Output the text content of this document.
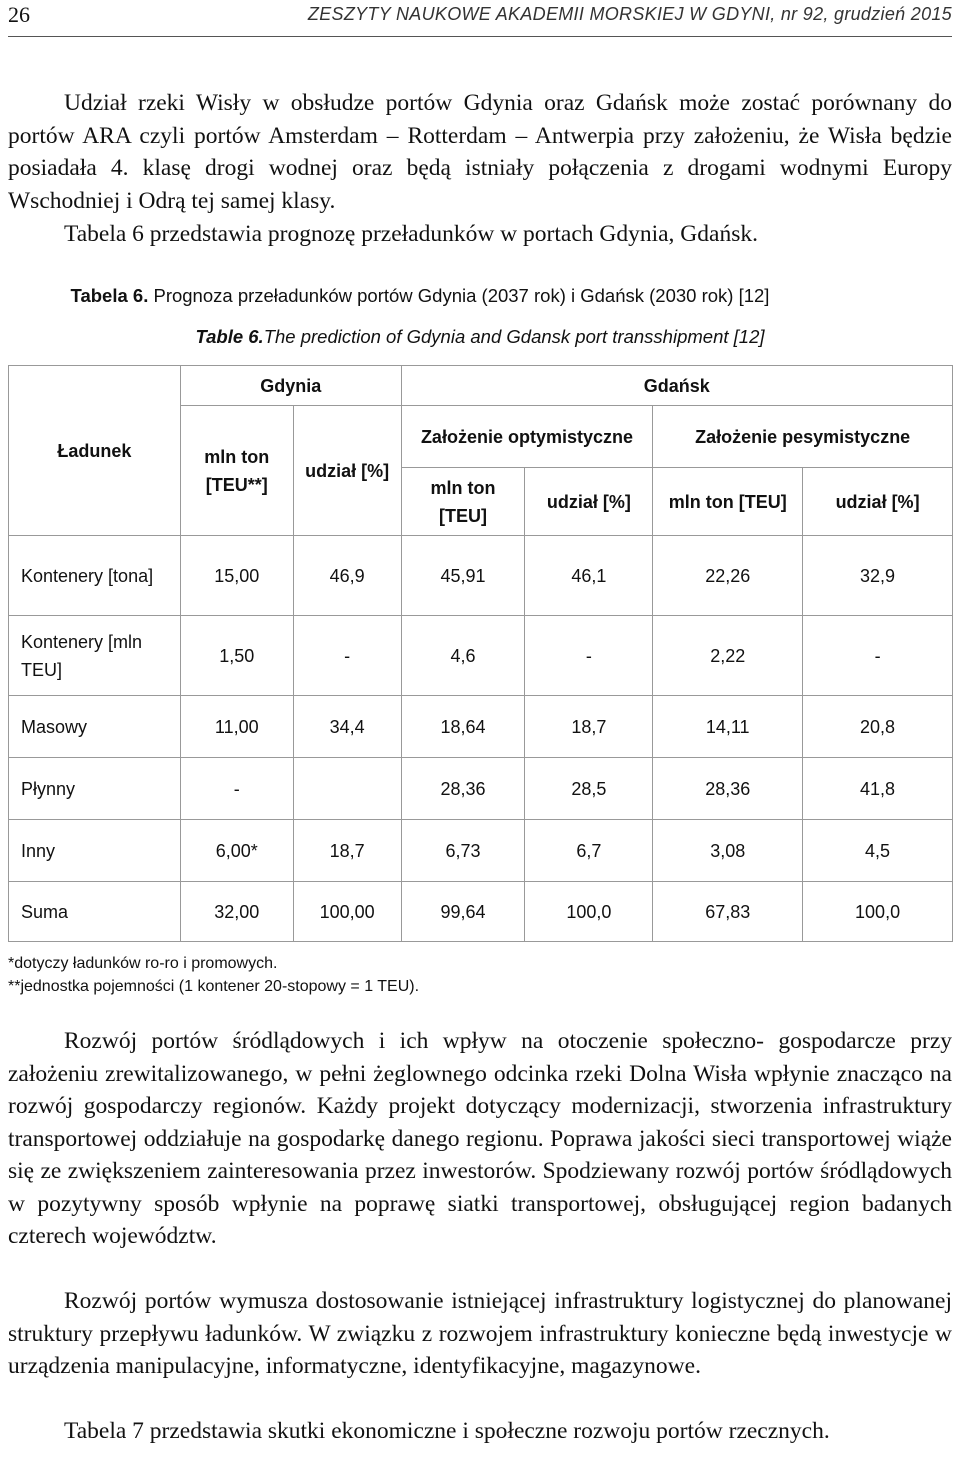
26	ZESZYTY NAUKOWE AKADEMII MORSKIEJ W GDYNI, nr 92, grudzień 2015

Udział rzeki Wisły w obsłudze portów Gdynia oraz Gdańsk może zostać porównany do portów ARA czyli portów Amsterdam – Rotterdam – Antwerpia przy założeniu, że Wisła będzie posiadała 4. klasę drogi wodnej oraz będą istniały połączenia z drogami wodnymi Europy Wschodniej i Odrą tej samej klasy.

Tabela 6 przedstawia prognozę przeładunków w portach Gdynia, Gdańsk.

Tabela 6. Prognoza przeładunków portów Gdynia (2037 rok) i Gdańsk (2030 rok) [12]

Table 6.The prediction of Gdynia and Gdansk port transshipment [12]

Ładunek	Gdynia		Gdańsk			
	mln ton [TEU**]	udział [%]	Założenie optymistyczne		Założenie pesymistyczne	
			mln ton [TEU]	udział [%]	mln ton [TEU]	udział [%]
Kontenery [tona]	15,00	46,9	45,91	46,1	22,26	32,9
Kontenery [mln TEU]	1,50	-	4,6	-	2,22	-
Masowy	11,00	34,4	18,64	18,7	14,11	20,8
Płynny	-		28,36	28,5	28,36	41,8
Inny	6,00*	18,7	6,73	6,7	3,08	4,5
Suma	32,00	100,00	99,64	100,0	67,83	100,0
*dotyczy ładunków ro-ro i promowych.
**jednostka pojemności (1 kontener 20-stopowy = 1 TEU).

Rozwój portów śródlądowych i ich wpływ na otoczenie społeczno- gospodarcze przy założeniu zrewitalizowanego, w pełni żeglownego odcinka rzeki Dolna Wisła wpłynie znacząco na rozwój gospodarczy regionów. Każdy projekt dotyczący modernizacji, stworzenia infrastruktury transportowej oddziałuje na gospodarkę danego regionu. Poprawa jakości sieci transportowej wiąże się ze zwiększeniem zainteresowania przez inwestorów. Spodziewany rozwój portów śródlądowych w pozytywny sposób wpłynie na poprawę siatki transportowej, obsługującej region badanych czterech województw.

Rozwój portów wymusza dostosowanie istniejącej infrastruktury logistycznej do planowanej struktury przepływu ładunków. W związku z rozwojem infrastruktury konieczne będą inwestycje w urządzenia manipulacyjne, informatyczne, identyfikacyjne, magazynowe.

Tabela 7 przedstawia skutki ekonomiczne i społeczne rozwoju portów rzecznych.
